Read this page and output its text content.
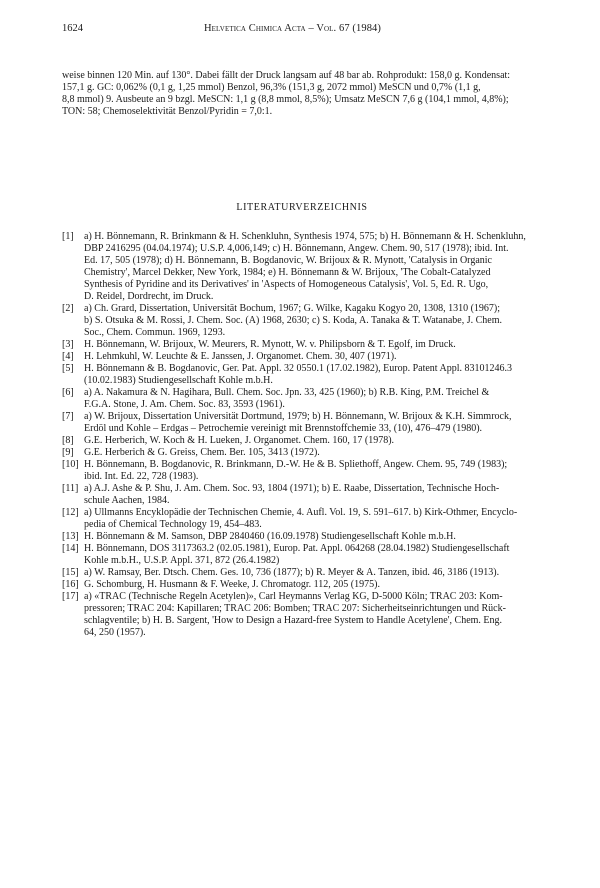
1624	Helvetica Chimica Acta – Vol. 67 (1984)
weise binnen 120 Min. auf 130°. Dabei fällt der Druck langsam auf 48 bar ab. Rohprodukt: 158,0 g. Kondensat:
157,1 g. GC: 0,062% (0,1 g, 1,25 mmol) Benzol, 96,3% (151,3 g, 2072 mmol) MeSCN und 0,7% (1,1 g,
8,8 mmol) 9. Ausbeute an 9 bzgl. MeSCN: 1,1 g (8,8 mmol, 8,5%); Umsatz MeSCN 7,6 g (104,1 mmol, 4,8%);
TON: 58; Chemoselektivität Benzol/Pyridin = 7,0:1.
LITERATURVERZEICHNIS
[1]	a) H. Bönnemann, R. Brinkmann & H. Schenkluhn, Synthesis 1974, 575; b) H. Bönnemann & H. Schenkluhn,
DBP 2416295 (04.04.1974); U.S.P. 4,006,149; c) H. Bönnemann, Angew. Chem. 90, 517 (1978); ibid. Int.
Ed. 17, 505 (1978); d) H. Bönnemann, B. Bogdanovic, W. Brijoux & R. Mynott, 'Catalysis in Organic
Chemistry', Marcel Dekker, New York, 1984; e) H. Bönnemann & W. Brijoux, 'The Cobalt-Catalyzed
Synthesis of Pyridine and its Derivatives' in 'Aspects of Homogeneous Catalysis', Vol. 5, Ed. R. Ugo,
D. Reidel, Dordrecht, im Druck.
[2]	a) Ch. Grard, Dissertation, Universität Bochum, 1967; G. Wilke, Kagaku Kogyo 20, 1308, 1310 (1967);
b) S. Otsuka & M. Rossi, J. Chem. Soc. (A) 1968, 2630; c) S. Koda, A. Tanaka & T. Watanabe, J. Chem.
Soc., Chem. Commun. 1969, 1293.
[3]	H. Bönnemann, W. Brijoux, W. Meurers, R. Mynott, W. v. Philipsborn & T. Egolf, im Druck.
[4]	H. Lehmkuhl, W. Leuchte & E. Janssen, J. Organomet. Chem. 30, 407 (1971).
[5]	H. Bönnemann & B. Bogdanovic, Ger. Pat. Appl. 32 0550.1 (17.02.1982), Europ. Patent Appl. 83101246.3
(10.02.1983) Studiengesellschaft Kohle m.b.H.
[6]	a) A. Nakamura & N. Hagihara, Bull. Chem. Soc. Jpn. 33, 425 (1960); b) R.B. King, P.M. Treichel &
F.G.A. Stone, J. Am. Chem. Soc. 83, 3593 (1961).
[7]	a) W. Brijoux, Dissertation Universität Dortmund, 1979; b) H. Bönnemann, W. Brijoux & K.H. Simmrock,
Erdöl und Kohle – Erdgas – Petrochemie vereinigt mit Brennstoffchemie 33, (10), 476–479 (1980).
[8]	G.E. Herberich, W. Koch & H. Lueken, J. Organomet. Chem. 160, 17 (1978).
[9]	G.E. Herberich & G. Greiss, Chem. Ber. 105, 3413 (1972).
[10] H. Bönnemann, B. Bogdanovic, R. Brinkmann, D.-W. He & B. Spliethoff, Angew. Chem. 95, 749 (1983);
ibid. Int. Ed. 22, 728 (1983).
[11] a) A.J. Ashe & P. Shu, J. Am. Chem. Soc. 93, 1804 (1971); b) E. Raabe, Dissertation, Technische Hoch-
schule Aachen, 1984.
[12] a) Ullmanns Encyklopädie der Technischen Chemie, 4. Aufl. Vol. 19, S. 591–617. b) Kirk-Othmer, Encyclo-
pedia of Chemical Technology 19, 454–483.
[13] H. Bönnemann & M. Samson, DBP 2840460 (16.09.1978) Studiengesellschaft Kohle m.b.H.
[14] H. Bönnemann, DOS 3117363.2 (02.05.1981), Europ. Pat. Appl. 064268 (28.04.1982) Studiengesellschaft
Kohle m.b.H., U.S.P. Appl. 371, 872 (26.4.1982)
[15] a) W. Ramsay, Ber. Dtsch. Chem. Ges. 10, 736 (1877); b) R. Meyer & A. Tanzen, ibid. 46, 3186 (1913).
[16] G. Schomburg, H. Husmann & F. Weeke, J. Chromatogr. 112, 205 (1975).
[17] a) «TRAC (Technische Regeln Acetylen)», Carl Heymanns Verlag KG, D-5000 Köln; TRAC 203: Kom-
pressoren; TRAC 204: Kapillaren; TRAC 206: Bomben; TRAC 207: Sicherheitseinrichtungen und Rück-
schlagventile; b) H. B. Sargent, 'How to Design a Hazard-free System to Handle Acetylene', Chem. Eng.
64, 250 (1957).
